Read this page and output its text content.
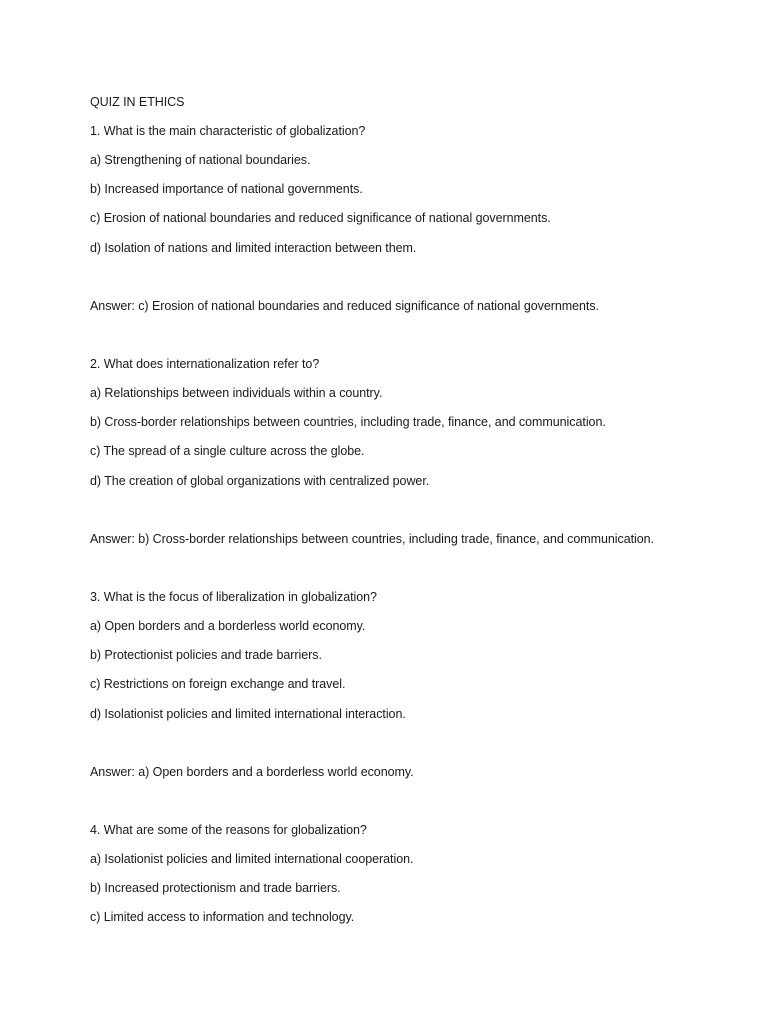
QUIZ IN ETHICS
1. What is the main characteristic of globalization?
a) Strengthening of national boundaries.
b) Increased importance of national governments.
c) Erosion of national boundaries and reduced significance of national governments.
d) Isolation of nations and limited interaction between them.
Answer: c) Erosion of national boundaries and reduced significance of national governments.
2. What does internationalization refer to?
a) Relationships between individuals within a country.
b) Cross-border relationships between countries, including trade, finance, and communication.
c) The spread of a single culture across the globe.
d) The creation of global organizations with centralized power.
Answer: b) Cross-border relationships between countries, including trade, finance, and communication.
3. What is the focus of liberalization in globalization?
a) Open borders and a borderless world economy.
b) Protectionist policies and trade barriers.
c) Restrictions on foreign exchange and travel.
d) Isolationist policies and limited international interaction.
Answer: a) Open borders and a borderless world economy.
4. What are some of the reasons for globalization?
a) Isolationist policies and limited international cooperation.
b) Increased protectionism and trade barriers.
c) Limited access to information and technology.
